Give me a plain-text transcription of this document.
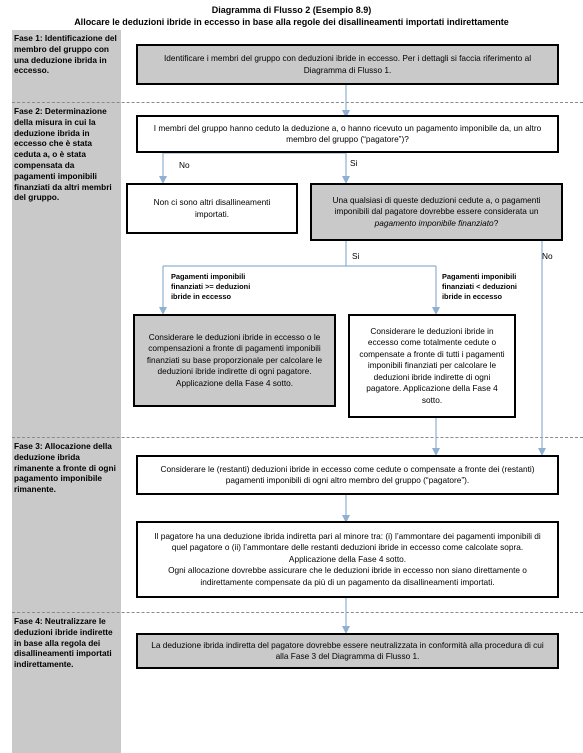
Diagramma di Flusso 2 (Esempio 8.9)
Allocare le deduzioni ibride in eccesso in base alla regole dei disallineamenti importati indirettamente
Fase 1: Identificazione del membro del gruppo con una deduzione ibrida in eccesso.
Fase 2: Determinazione della misura in cui la deduzione ibrida in eccesso che è stata ceduta a, o è stata compensata da pagamenti imponibili finanziati da altri membri del gruppo.
Fase 3: Allocazione della deduzione ibrida rimanente a fronte di ogni pagamento imponibile rimanente.
Fase 4: Neutralizzare le deduzioni ibride indirette in base alla regola dei disallineamenti importati indirettamente.
Identificare i membri del gruppo con deduzioni ibride in eccesso. Per i dettagli si faccia riferimento al Diagramma di Flusso 1.
I membri del gruppo hanno ceduto la deduzione a, o hanno ricevuto un pagamento imponibile da, un altro membro del gruppo (“pagatore”)?
Non ci sono altri disallineamenti importati.
Una qualsiasi di queste deduzioni cedute a, o pagamenti imponibili dal pagatore dovrebbe essere considerata un pagamento imponibile finanziato?
Considerare le deduzioni ibride in eccesso o le compensazioni a fronte di pagamenti imponibili finanziati su base proporzionale per calcolare le deduzioni ibride indirette di ogni pagatore. Applicazione della Fase 4 sotto.
Considerare le deduzioni ibride in eccesso come totalmente cedute o compensate a fronte di tutti i pagamenti imponibili finanziati per calcolare le deduzioni ibride indirette di ogni pagatore. Applicazione della Fase 4 sotto.
Considerare le (restanti) deduzioni ibride in eccesso come cedute o compensate a fronte dei (restanti) pagamenti imponibili di ogni altro membro del gruppo (“pagatore”).
Il pagatore ha una deduzione ibrida indiretta pari al minore tra: (i) l’ammontare dei pagamenti imponibili di quel pagatore o (ii) l’ammontare delle restanti deduzioni ibride in eccesso come calcolate sopra. Applicazione della Fase 4 sotto.
Ogni allocazione dovrebbe assicurare che le deduzioni ibride in eccesso non siano direttamente o indirettamente compensate da più di un pagamento da disallineamenti importati.
La deduzione ibrida indiretta del pagatore dovrebbe essere neutralizzata in conformità alla procedura di cui alla Fase 3 del Diagramma di Flusso 1.
No	Si
Si	No
Pagamenti imponibili finanziati >= deduzioni ibride in eccesso
Pagamenti imponibili finanziati < deduzioni ibride in eccesso
